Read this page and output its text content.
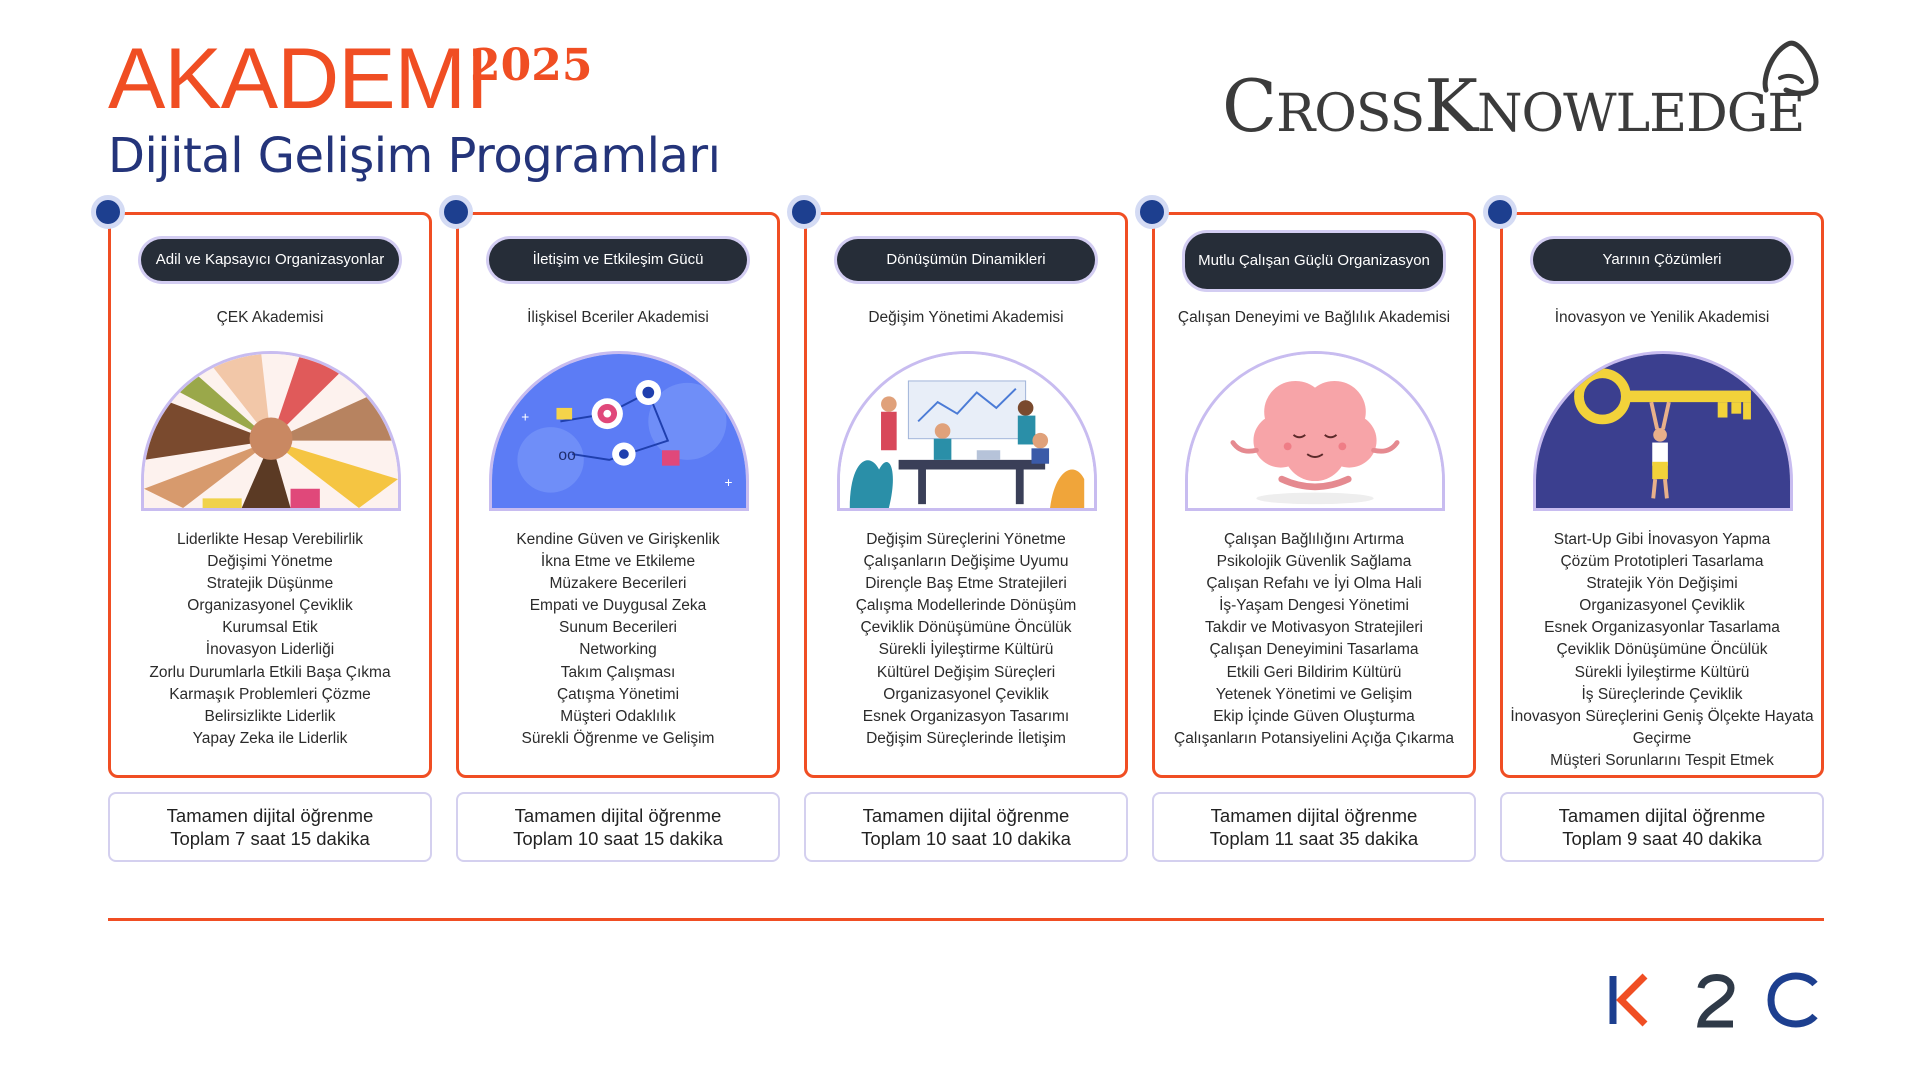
AKADEMI
2025
Dijital Gelişim Programları
CROSSKNOWLEDGE
Adil ve Kapsayıcı Organizasyonlar
ÇEK Akademisi
Liderlikte Hesap Verebilirlik
Değişimi Yönetme
Stratejik Düşünme
Organizasyonel Çeviklik
Kurumsal Etik
İnovasyon Liderliği
Zorlu Durumlarla Etkili Başa Çıkma
Karmaşık Problemleri Çözme
Belirsizlikte Liderlik
Yapay Zeka ile Liderlik
Tamamen dijital öğrenme
Toplam 7 saat 15 dakika
İletişim ve Etkileşim Gücü
İlişkisel Bceriler Akademisi
oo
+
+
Kendine Güven ve Girişkenlik
İkna Etme ve Etkileme
Müzakere Becerileri
Empati ve Duygusal Zeka
Sunum Becerileri
Networking
Takım Çalışması
Çatışma Yönetimi
Müşteri Odaklılık
Sürekli Öğrenme ve Gelişim
Tamamen dijital öğrenme
Toplam 10 saat 15 dakika
Dönüşümün Dinamikleri
Değişim Yönetimi Akademisi
Değişim Süreçlerini Yönetme
Çalışanların Değişime Uyumu
Dirençle Baş Etme Stratejileri
Çalışma Modellerinde Dönüşüm
Çeviklik Dönüşümüne Öncülük
Sürekli İyileştirme Kültürü
Kültürel Değişim Süreçleri
Organizasyonel Çeviklik
Esnek Organizasyon Tasarımı
Değişim Süreçlerinde İletişim
Tamamen dijital öğrenme
Toplam 10 saat 10 dakika
Mutlu Çalışan Güçlü Organizasyon
Çalışan Deneyimi ve Bağlılık Akademisi
Çalışan Bağlılığını Artırma
Psikolojik Güvenlik Sağlama
Çalışan Refahı ve İyi Olma Hali
İş-Yaşam Dengesi Yönetimi
Takdir ve Motivasyon Stratejileri
Çalışan Deneyimini Tasarlama
Etkili Geri Bildirim Kültürü
Yetenek Yönetimi ve Gelişim
Ekip İçinde Güven Oluşturma
Çalışanların Potansiyelini Açığa Çıkarma
Tamamen dijital öğrenme
Toplam 11 saat 35 dakika
Yarının Çözümleri
İnovasyon ve Yenilik Akademisi
Start-Up Gibi İnovasyon Yapma
Çözüm Prototipleri Tasarlama
Stratejik Yön Değişimi
Organizasyonel Çeviklik
Esnek Organizasyonlar Tasarlama
Çeviklik Dönüşümüne Öncülük
Sürekli İyileştirme Kültürü
İş Süreçlerinde Çeviklik
İnovasyon Süreçlerini Geniş Ölçekte Hayata Geçirme
Müşteri Sorunlarını Tespit Etmek
Tamamen dijital öğrenme
Toplam 9 saat 40 dakika
